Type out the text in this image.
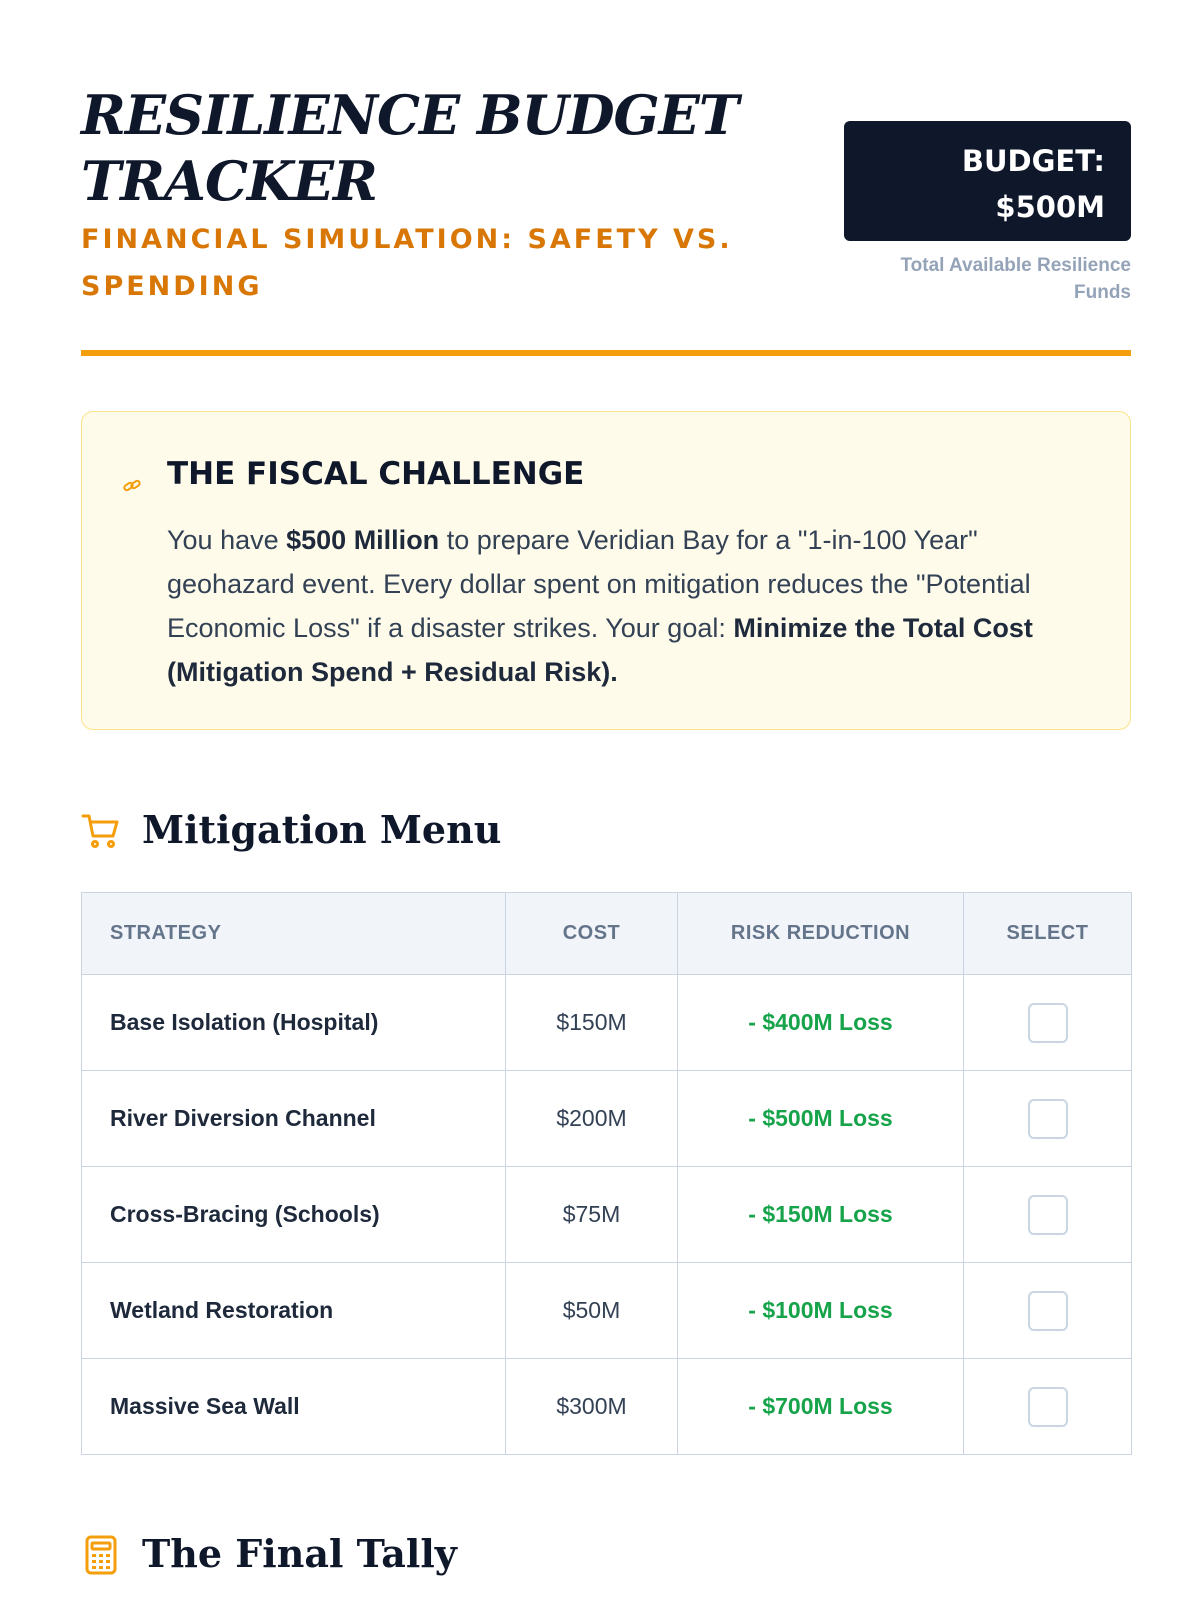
RESILIENCE BUDGET TRACKER
FINANCIAL SIMULATION: SAFETY VS. SPENDING
BUDGET:
$500M
Total Available Resilience Funds
THE FISCAL CHALLENGE

You have $500 Million to prepare Veridian Bay for a "1-in-100 Year" geohazard event. Every dollar spent on mitigation reduces the "Potential Economic Loss" if a disaster strikes. Your goal: Minimize the Total Cost (Mitigation Spend + Residual Risk).

Mitigation Menu
STRATEGY	COST	RISK REDUCTION	SELECT
Base Isolation (Hospital)	$150M	- $400M Loss	
River Diversion Channel	$200M	- $500M Loss	
Cross-Bracing (Schools)	$75M	- $150M Loss	
Wetland Restoration	$50M	- $100M Loss	
Massive Sea Wall	$300M	- $700M Loss	
The Final Tally
